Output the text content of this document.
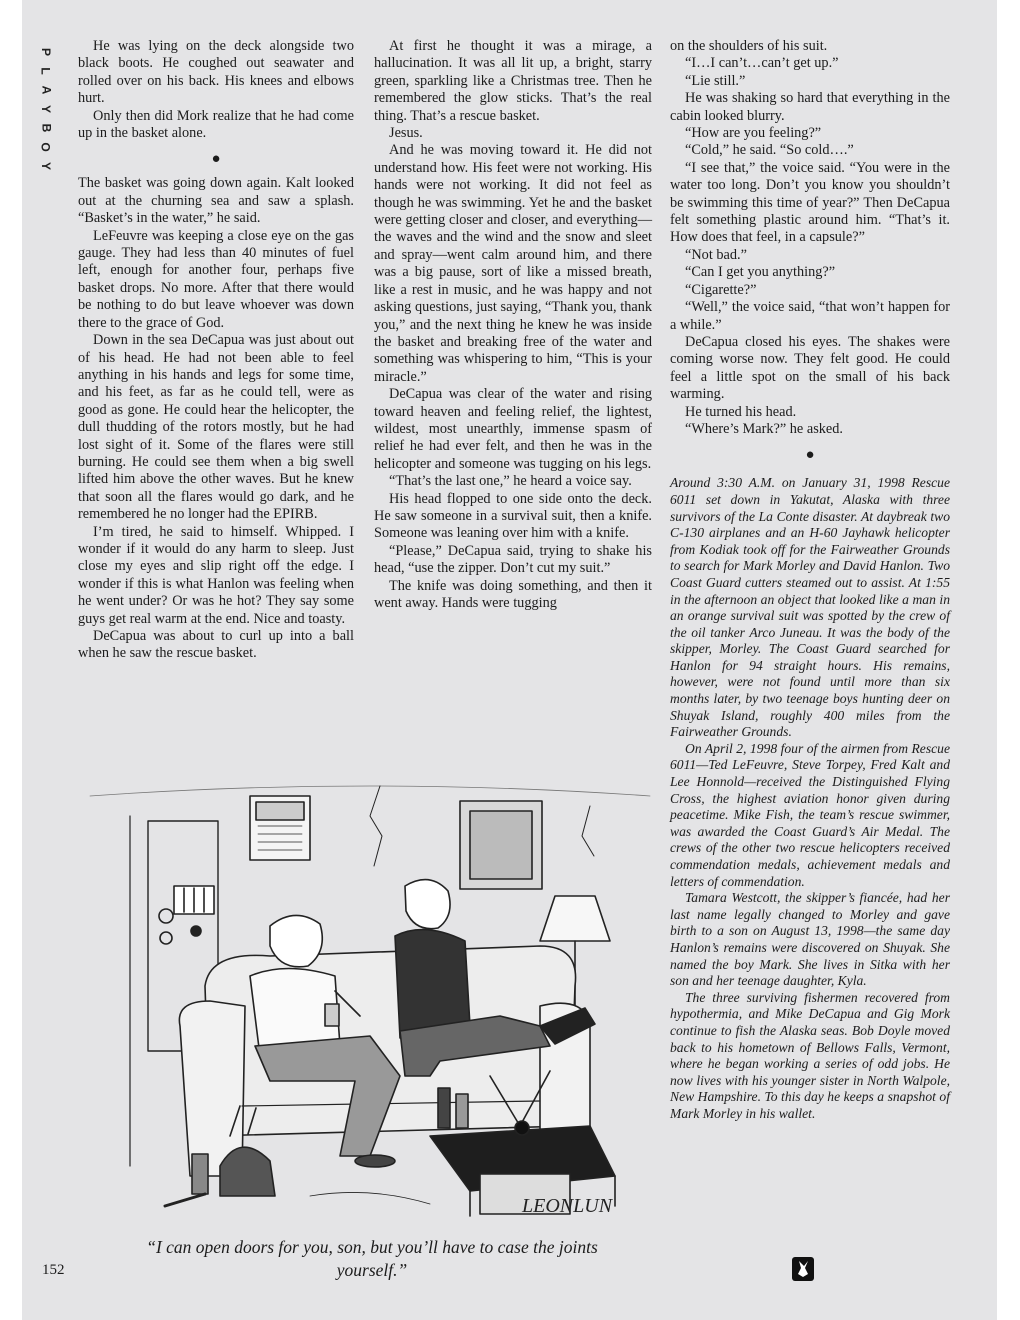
P
L
A
Y
B
O
Y

He was lying on the deck alongside two black boots. He coughed out seawater and rolled over on his back. His knees and elbows hurt.

Only then did Mork realize that he had come up in the basket alone.

●

The basket was going down again. Kalt looked out at the churning sea and saw a splash. “Basket’s in the water,” he said.

LeFeuvre was keeping a close eye on the gas gauge. They had less than 40 minutes of fuel left, enough for another four, perhaps five basket drops. No more. After that there would be nothing to do but leave whoever was down there to the grace of God.

Down in the sea DeCapua was just about out of his head. He had not been able to feel anything in his hands and legs for some time, and his feet, as far as he could tell, were as good as gone. He could hear the helicopter, the dull thudding of the rotors mostly, but he had lost sight of it. Some of the flares were still burning. He could see them when a big swell lifted him above the other waves. But he knew that soon all the flares would go dark, and he remembered he no longer had the EPIRB.

I’m tired, he said to himself. Whipped. I wonder if it would do any harm to sleep. Just close my eyes and slip right off the edge. I wonder if this is what Hanlon was feeling when he went under? Or was he hot? They say some guys get real warm at the end. Nice and toasty.

DeCapua was about to curl up into a ball when he saw the rescue basket.

At first he thought it was a mirage, a hallucination. It was all lit up, a bright, starry green, sparkling like a Christmas tree. Then he remembered the glow sticks. That’s the real thing. That’s a rescue basket.

Jesus.

And he was moving toward it. He did not understand how. His feet were not working. His hands were not working. It did not feel as though he was swimming. Yet he and the basket were getting closer and closer, and everything—the waves and the wind and the snow and sleet and spray—went calm around him, and there was a big pause, sort of like a missed breath, like a rest in music, and he was happy and not asking questions, just saying, “Thank you, thank you,” and the next thing he knew he was inside the basket and breaking free of the water and something was whispering to him, “This is your miracle.”

DeCapua was clear of the water and rising toward heaven and feeling relief, the lightest, wildest, most unearthly, immense spasm of relief he had ever felt, and then he was in the helicopter and someone was tugging on his legs.

“That’s the last one,” he heard a voice say.

His head flopped to one side onto the deck. He saw someone in a survival suit, then a knife. Someone was leaning over him with a knife.

“Please,” DeCapua said, trying to shake his head, “use the zipper. Don’t cut my suit.”

The knife was doing something, and then it went away. Hands were tugging

on the shoulders of his suit.

“I…I can’t…can’t get up.”

“Lie still.”

He was shaking so hard that everything in the cabin looked blurry.

“How are you feeling?”

“Cold,” he said. “So cold….”

“I see that,” the voice said. “You were in the water too long. Don’t you know you shouldn’t be swimming this time of year?” Then DeCapua felt something plastic around him. “That’s it. How does that feel, in a capsule?”

“Not bad.”

“Can I get you anything?”

“Cigarette?”

“Well,” the voice said, “that won’t happen for a while.”

DeCapua closed his eyes. The shakes were coming worse now. They felt good. He could feel a little spot on the small of his back warming.

He turned his head.

“Where’s Mark?” he asked.

●

Around 3:30 A.M. on January 31, 1998 Rescue 6011 set down in Yakutat, Alaska with three survivors of the La Conte disaster. At daybreak two C-130 airplanes and an H-60 Jayhawk helicopter from Kodiak took off for the Fairweather Grounds to search for Mark Morley and David Hanlon. Two Coast Guard cutters steamed out to assist. At 1:55 in the afternoon an object that looked like a man in an orange survival suit was spotted by the crew of the oil tanker Arco Juneau. It was the body of the skipper, Morley. The Coast Guard searched for Hanlon for 94 straight hours. His remains, however, were not found until more than six months later, by two teenage boys hunting deer on Shuyak Island, roughly 400 miles from the Fairweather Grounds.

On April 2, 1998 four of the airmen from Rescue 6011—Ted LeFeuvre, Steve Torpey, Fred Kalt and Lee Honnold—received the Distinguished Flying Cross, the highest aviation honor given during peacetime. Mike Fish, the team’s rescue swimmer, was awarded the Coast Guard’s Air Medal. The crews of the other two rescue helicopters received commendation medals, achievement medals and letters of commendation.

Tamara Westcott, the skipper’s fiancée, had her last name legally changed to Morley and gave birth to a son on August 13, 1998—the same day Hanlon’s remains were discovered on Shuyak. She named the boy Mark. She lives in Sitka with her son and her teenage daughter, Kyla.

The three surviving fishermen recovered from hypothermia, and Mike DeCapua and Gig Mork continue to fish the Alaska seas. Bob Doyle moved back to his hometown of Bellows Falls, Vermont, where he began working a series of odd jobs. He now lives with his younger sister in North Walpole, New Hampshire. To this day he keeps a snapshot of Mark Morley in his wallet.

LEONLUN
“I can open doors for you, son, but you’ll have to case the joints yourself.”
152
